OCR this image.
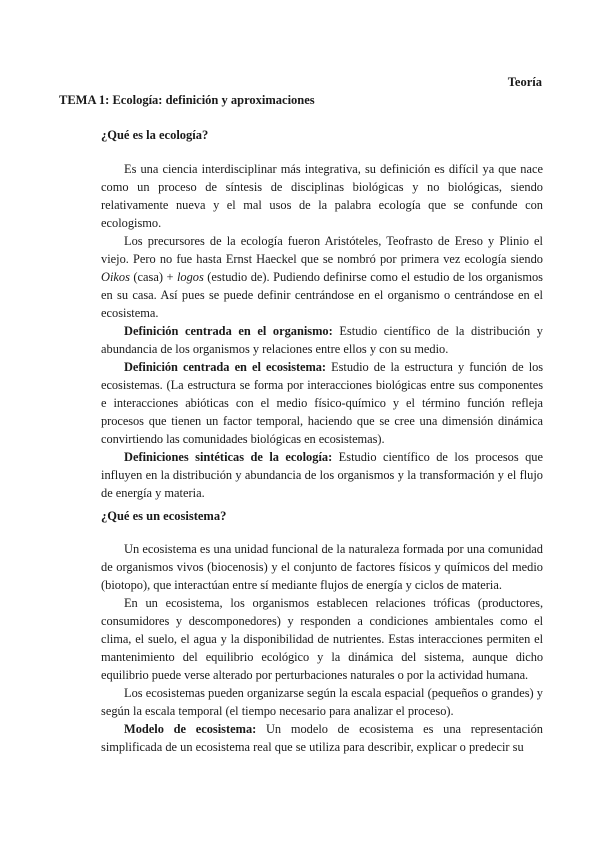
Teoría
TEMA 1: Ecología: definición y aproximaciones
¿Qué es la ecología?

Es una ciencia interdisciplinar más integrativa, su definición es difícil ya que nace como un proceso de síntesis de disciplinas biológicas y no biológicas, siendo relativamente nueva y el mal usos de la palabra ecología que se confunde con ecologismo.

Los precursores de la ecología fueron Aristóteles, Teofrasto de Ereso y Plinio el viejo. Pero no fue hasta Ernst Haeckel que se nombró por primera vez ecología siendo Oikos (casa) + logos (estudio de). Pudiendo definirse como el estudio de los organismos en su casa. Así pues se puede definir centrándose en el organismo o centrándose en el ecosistema.

Definición centrada en el organismo: Estudio científico de la distribución y abundancia de los organismos y relaciones entre ellos y con su medio.

Definición centrada en el ecosistema: Estudio de la estructura y función de los ecosistemas. (La estructura se forma por interacciones biológicas entre sus componentes e interacciones abióticas con el medio físico-químico y el término función refleja procesos que tienen un factor temporal, haciendo que se cree una dimensión dinámica convirtiendo las comunidades biológicas en ecosistemas).

Definiciones sintéticas de la ecología: Estudio científico de los procesos que influyen en la distribución y abundancia de los organismos y la transformación y el flujo de energía y materia.

¿Qué es un ecosistema?

Un ecosistema es una unidad funcional de la naturaleza formada por una comunidad de organismos vivos (biocenosis) y el conjunto de factores físicos y químicos del medio (biotopo), que interactúan entre sí mediante flujos de energía y ciclos de materia.

En un ecosistema, los organismos establecen relaciones tróficas (productores, consumidores y descomponedores) y responden a condiciones ambientales como el clima, el suelo, el agua y la disponibilidad de nutrientes. Estas interacciones permiten el mantenimiento del equilibrio ecológico y la dinámica del sistema, aunque dicho equilibrio puede verse alterado por perturbaciones naturales o por la actividad humana.

Los ecosistemas pueden organizarse según la escala espacial (pequeños o grandes) y según la escala temporal (el tiempo necesario para analizar el proceso).

Modelo de ecosistema: Un modelo de ecosistema es una representación simplificada de un ecosistema real que se utiliza para describir, explicar o predecir su
